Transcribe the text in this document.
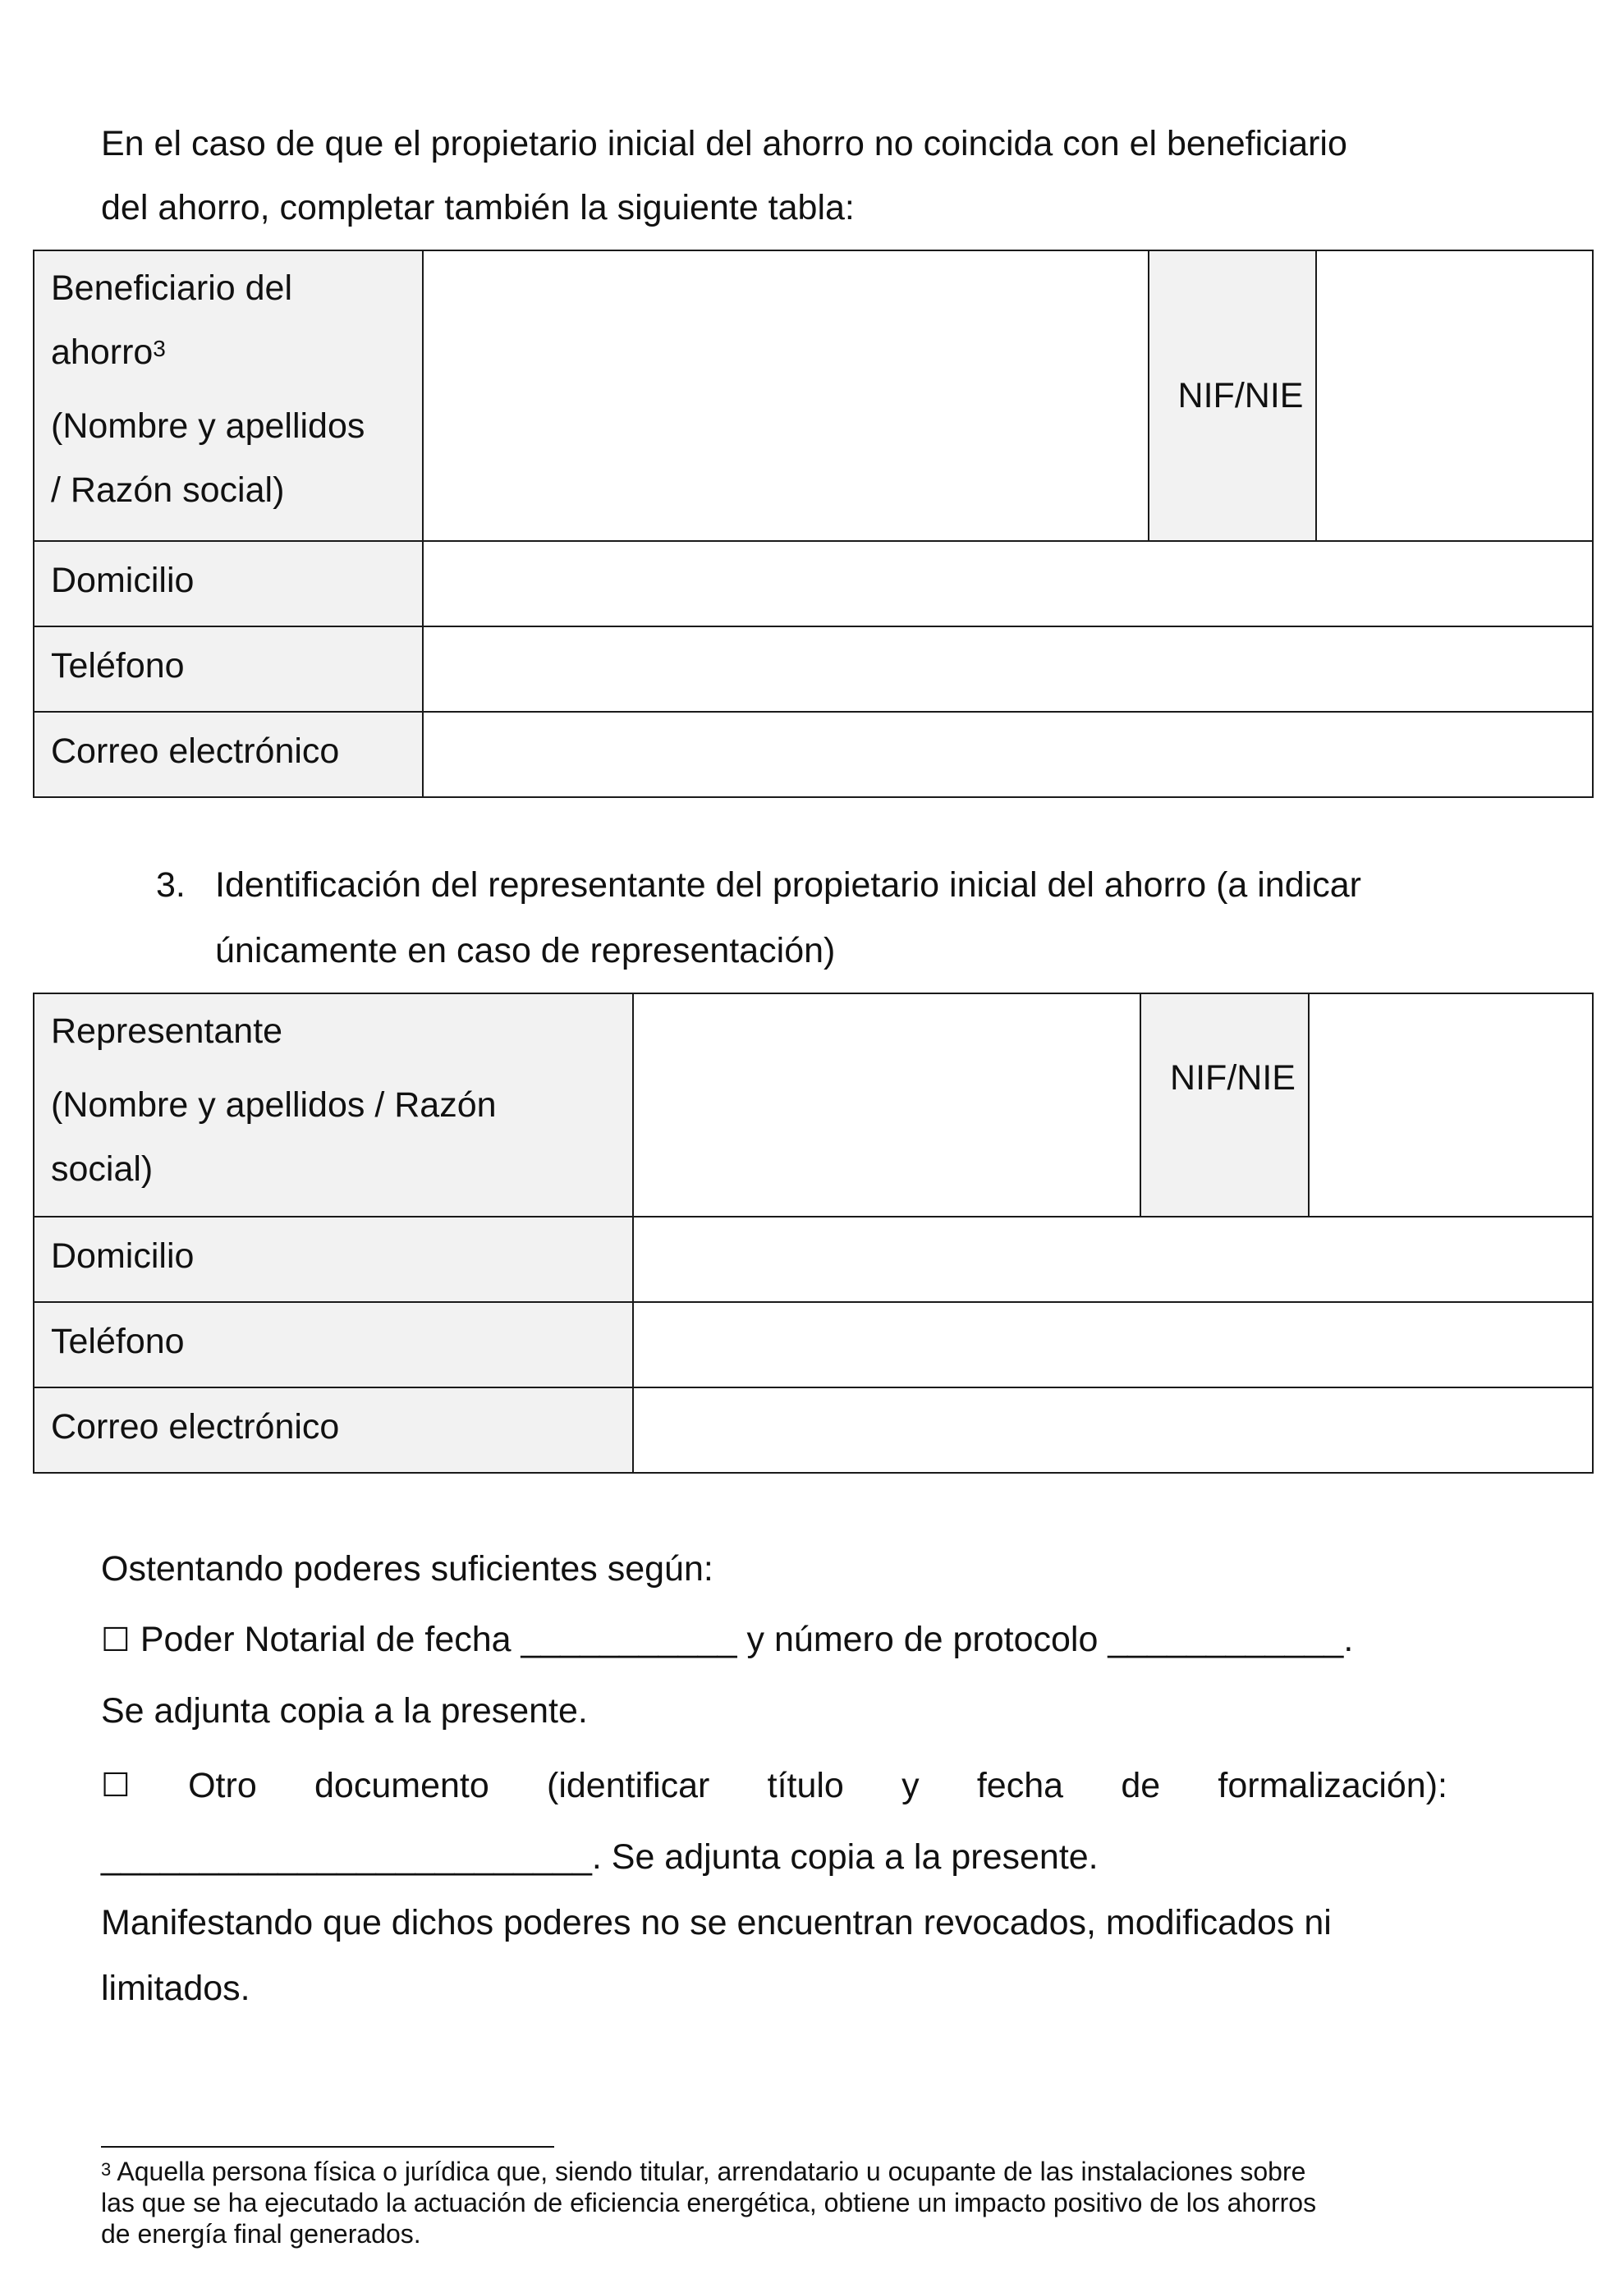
En el caso de que el propietario inicial del ahorro no coincida con el beneficiario
del ahorro, completar también la siguiente tabla:

Beneficiario del
ahorro$^3$
(Nombre y apellidos
/ Razón social)		NIF/NIE	
Domicilio			
Teléfono			
Correo electrónico			
3. Identificación del representante del propietario inicial del ahorro (a indicar
únicamente en caso de representación)
Representante
(Nombre y apellidos / Razón
social)		NIF/NIE	
Domicilio			
Teléfono			
Correo electrónico			
Ostentando poderes suficientes según:
☐ Poder Notarial de fecha ___________ y número de protocolo ____________.
Se adjunta copia a la presente.
☐ Otro documento (identificar título y fecha de formalización):
_________________________. Se adjunta copia a la presente.
Manifestando que dichos poderes no se encuentran revocados, modificados ni
limitados.
$^3$ Aquella persona física o jurídica que, siendo titular, arrendatario u ocupante de las instalaciones sobre
las que se ha ejecutado la actuación de eficiencia energética, obtiene un impacto positivo de los ahorros
de energía final generados.
